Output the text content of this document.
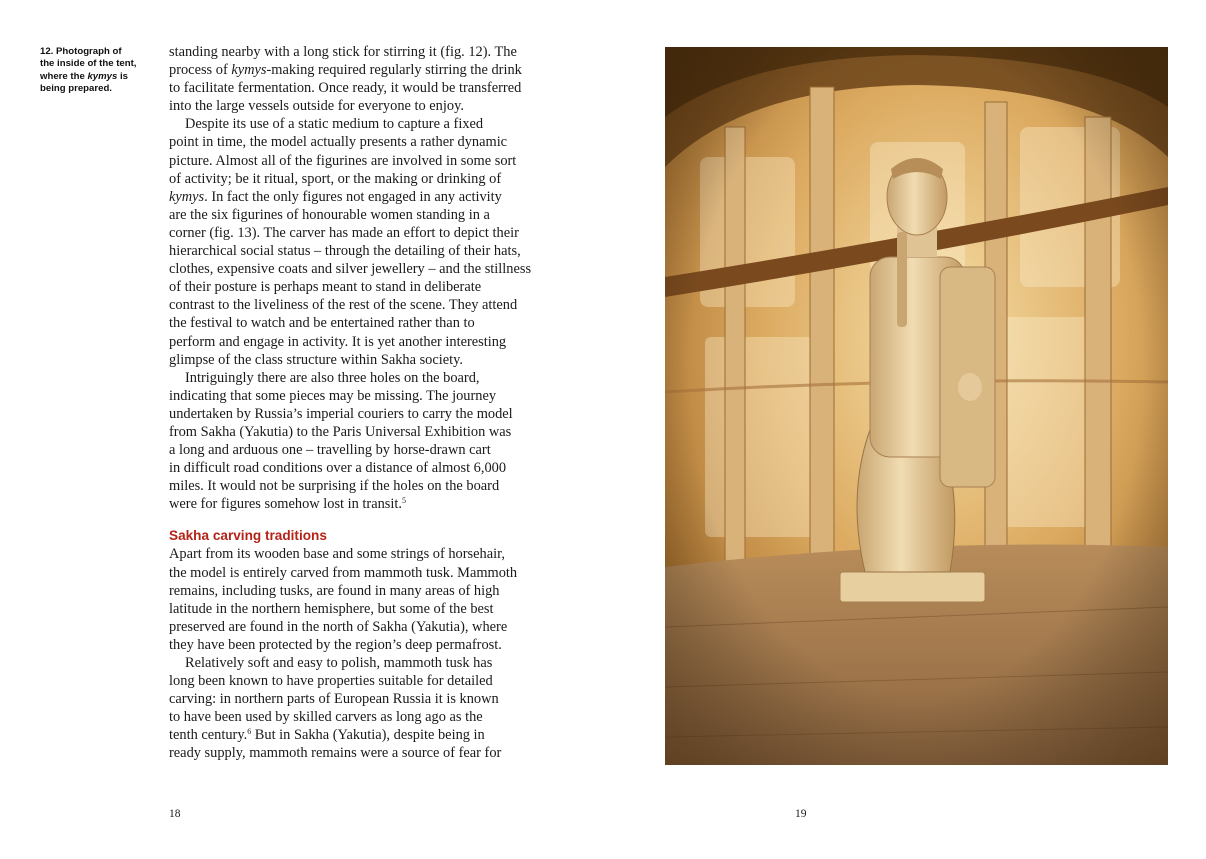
12. Photograph of
the inside of the tent,
where the kymys is
being prepared.
standing nearby with a long stick for stirring it (fig. 12). The
process of kymys-making required regularly stirring the drink
to facilitate fermentation. Once ready, it would be transferred
into the large vessels outside for everyone to enjoy.
Despite its use of a static medium to capture a fixed
point in time, the model actually presents a rather dynamic
picture. Almost all of the figurines are involved in some sort
of activity; be it ritual, sport, or the making or drinking of
kymys. In fact the only figures not engaged in any activity
are the six figurines of honourable women standing in a
corner (fig. 13). The carver has made an effort to depict their
hierarchical social status – through the detailing of their hats,
clothes, expensive coats and silver jewellery – and the stillness
of their posture is perhaps meant to stand in deliberate
contrast to the liveliness of the rest of the scene. They attend
the festival to watch and be entertained rather than to
perform and engage in activity. It is yet another interesting
glimpse of the class structure within Sakha society.
Intriguingly there are also three holes on the board,
indicating that some pieces may be missing. The journey
undertaken by Russia’s imperial couriers to carry the model
from Sakha (Yakutia) to the Paris Universal Exhibition was
a long and arduous one – travelling by horse-drawn cart
in difficult road conditions over a distance of almost 6,000
miles. It would not be surprising if the holes on the board
were for figures somehow lost in transit.$^5$
Sakha carving traditions
Apart from its wooden base and some strings of horsehair,
the model is entirely carved from mammoth tusk. Mammoth
remains, including tusks, are found in many areas of high
latitude in the northern hemisphere, but some of the best
preserved are found in the north of Sakha (Yakutia), where
they have been protected by the region’s deep permafrost.
Relatively soft and easy to polish, mammoth tusk has
long been known to have properties suitable for detailed
carving: in northern parts of European Russia it is known
to have been used by skilled carvers as long ago as the
tenth century.$^6$ But in Sakha (Yakutia), despite being in
ready supply, mammoth remains were a source of fear for
18	19
